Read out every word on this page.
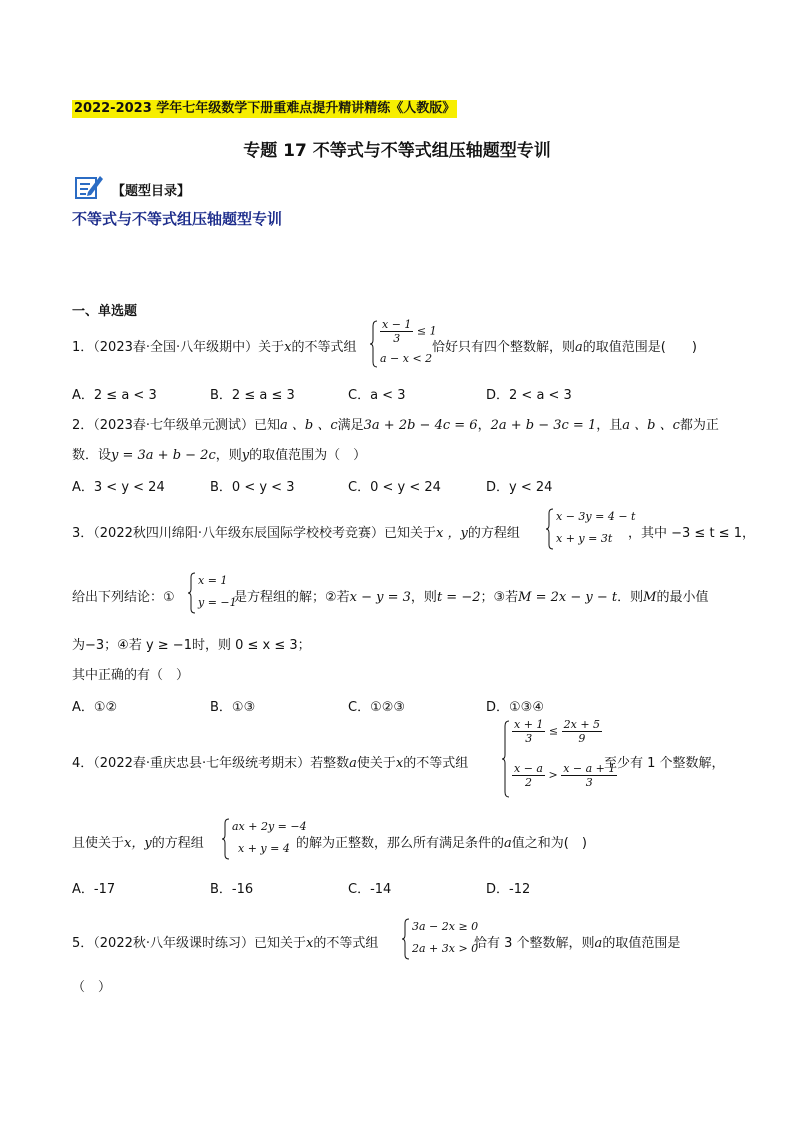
2022-2023 学年七年级数学下册重难点提升精讲精练《人教版》
专题 17 不等式与不等式组压轴题型专训
【题型目录】
不等式与不等式组压轴题型专训
一、单选题
1．（2023春·全国·八年级期中）关于x的不等式组
$\frac{x - 1}{3} \le 1$
a − x < 2
恰好只有四个整数解，则a的取值范围是(　　)
A．2 ≤ a < 3	B．2 ≤ a ≤ 3	C．a < 3	D．2 < a < 3
2．（2023春·七年级单元测试）已知a 、b 、c满足3a + 2b − 4c = 6，2a + b − 3c = 1，且a 、b 、c都为正
数．设y = 3a + b − 2c，则y的取值范围为（　）
A．3 < y < 24	B．0 < y < 3	C．0 < y < 24	D．y < 24
3．（2022秋四川绵阳·八年级东辰国际学校校考竞赛）已知关于x ，y的方程组
x − 3y = 4 − t
x + y = 3t ，其中 −3 ≤ t ≤ 1，
给出下列结论：①
x = 1
y = −1
是方程组的解；②若x − y = 3，则t = −2；③若M = 2x − y − t．则M的最小值
为−3；④若 y ≥ −1时，则 0 ≤ x ≤ 3；
其中正确的有（　）
A．①②	B．①③	C．①②③	D．①③④
4．（2022春·重庆忠县·七年级统考期末）若整数a使关于x的不等式组
$\frac{x + 1}{3} \le \frac{2x + 5}{9}$
$\frac{x - a}{2} > \frac{x - a + 1}{3}$
至少有 1 个整数解，
且使关于x，y的方程组
ax + 2y = −4
x + y = 4 的解为正整数，那么所有满足条件的a值之和为(　)
A．-17	B．-16	C．-14	D．-12
5．（2022秋·八年级课时练习）已知关于x的不等式组
3a − 2x ≥ 0
2a + 3x > 0
恰有 3 个整数解，则a的取值范围是
（　）
